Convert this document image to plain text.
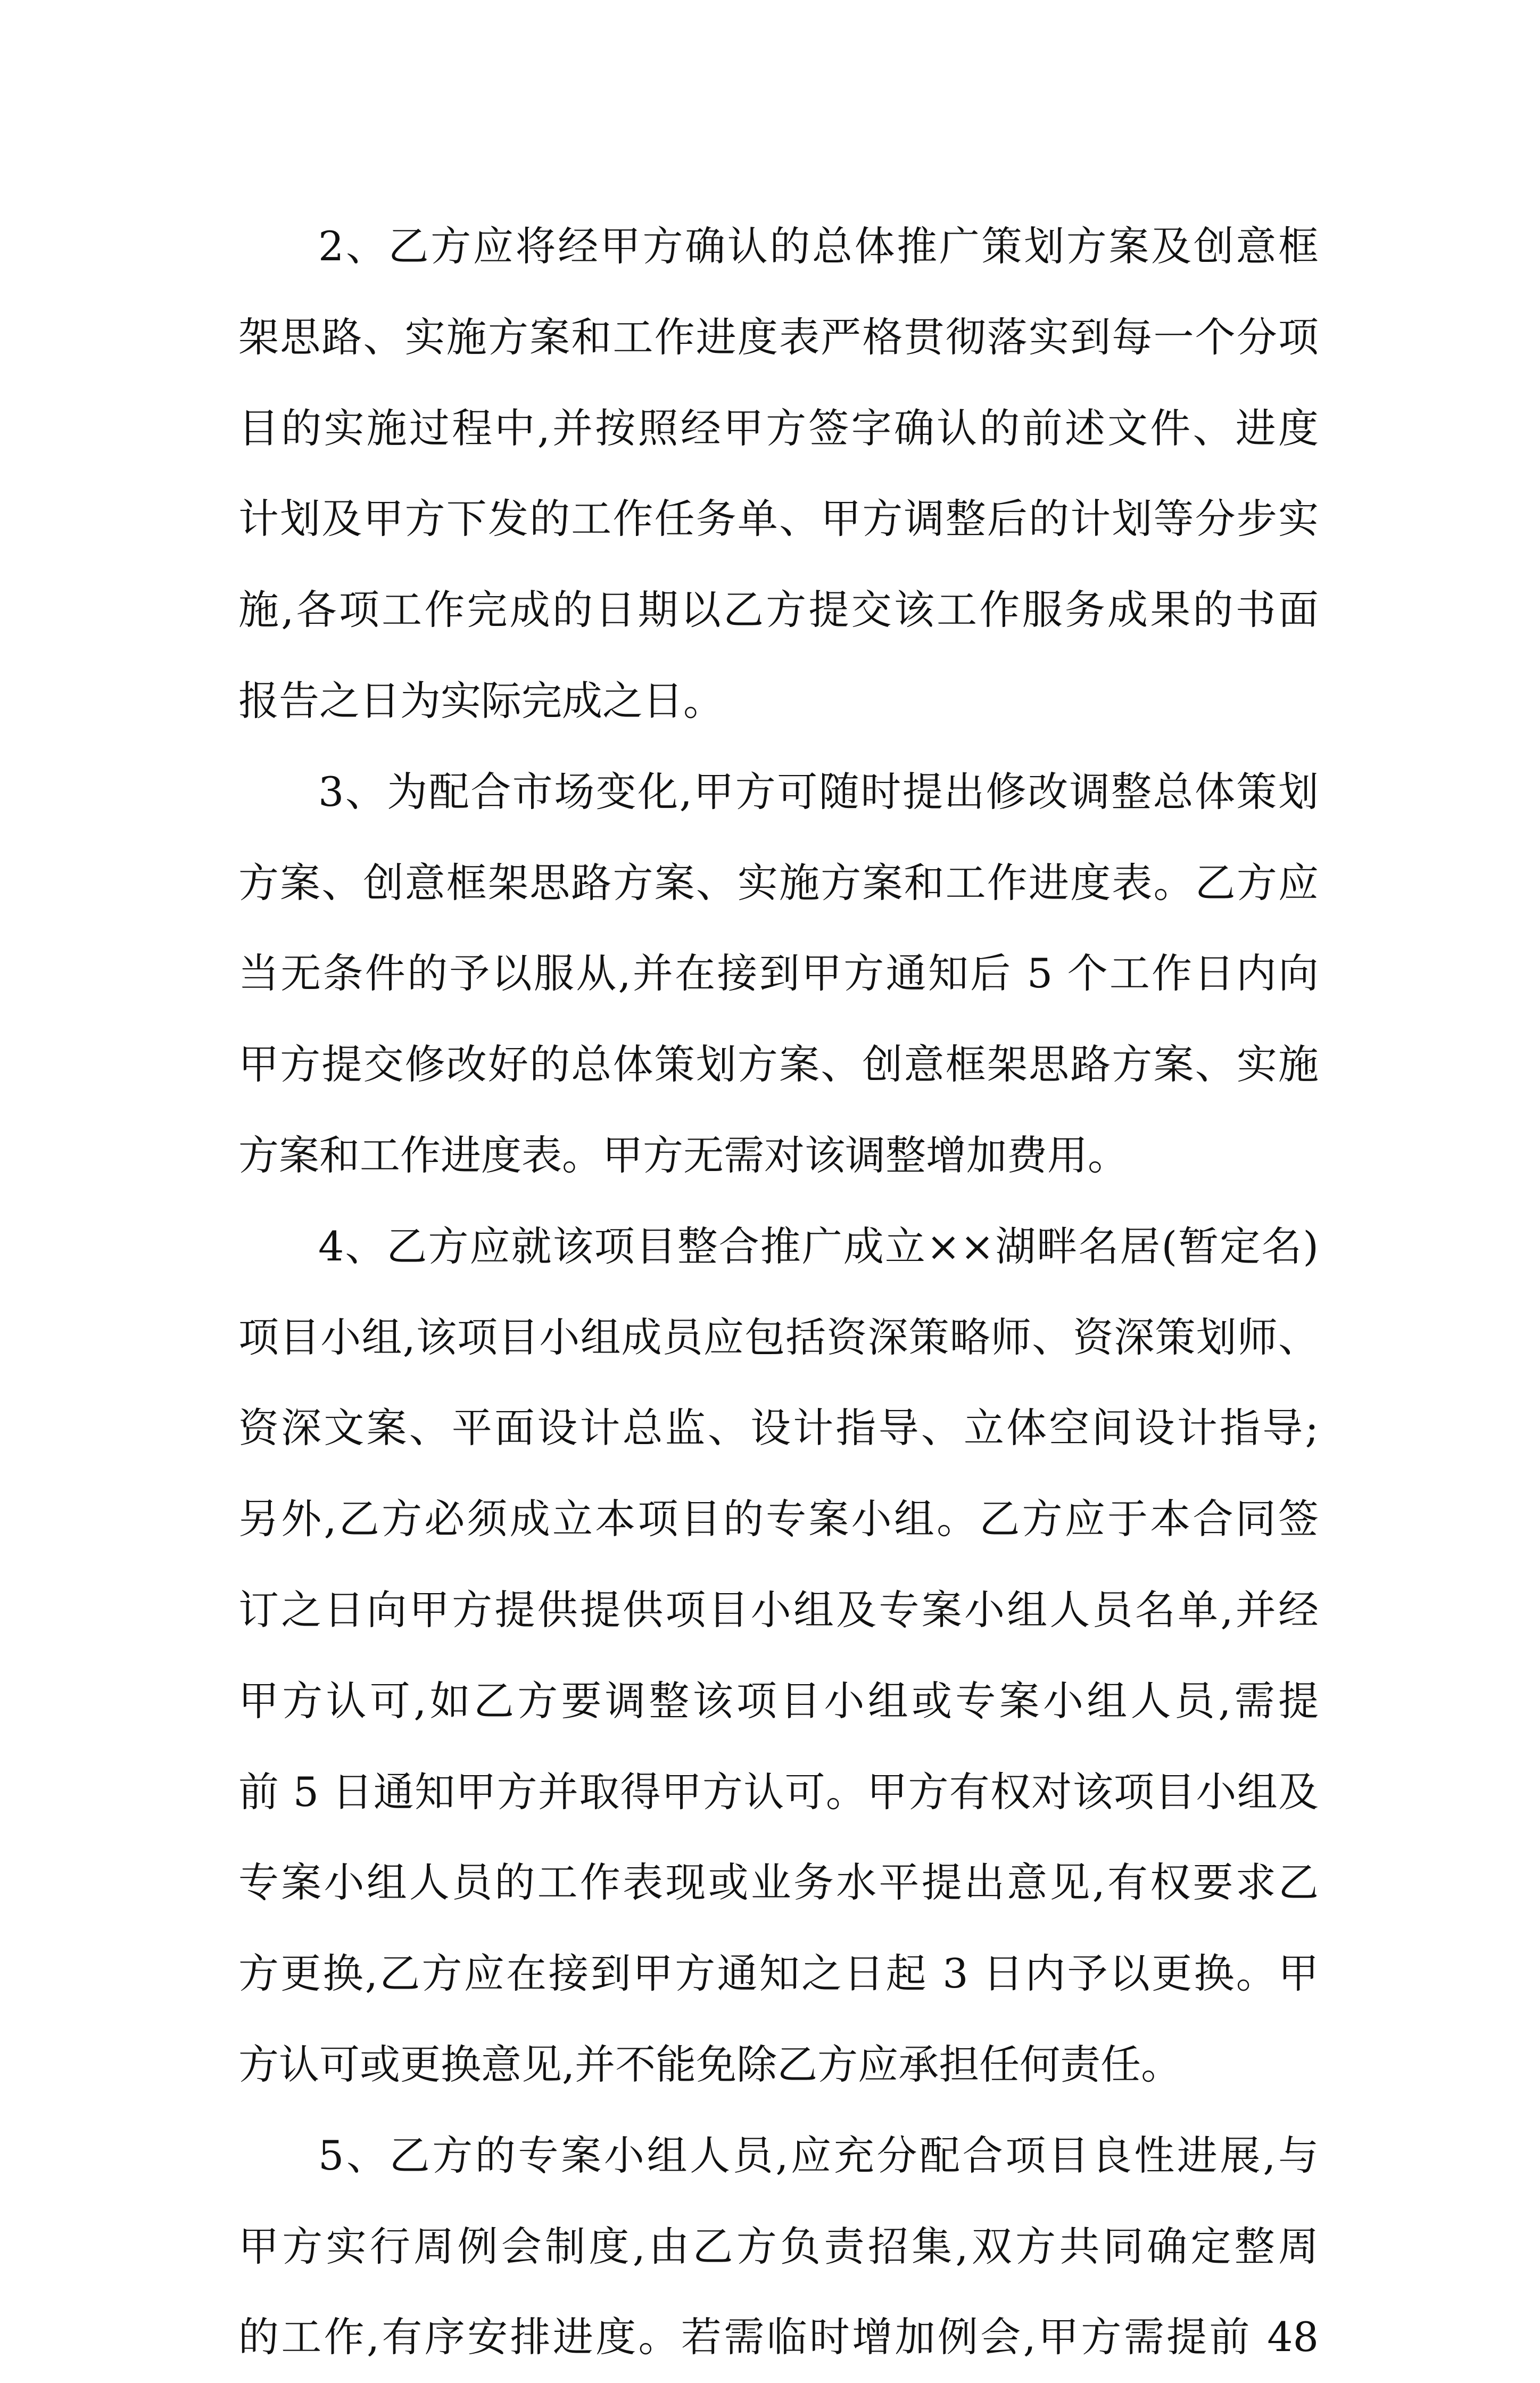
2、乙方应将经甲方确认的总体推广策划方案及创意框
架思路、实施方案和工作进度表严格贯彻落实到每一个分项
目的实施过程中,并按照经甲方签字确认的前述文件、进度
计划及甲方下发的工作任务单、甲方调整后的计划等分步实
施,各项工作完成的日期以乙方提交该工作服务成果的书面
报告之日为实际完成之日。
3、为配合市场变化,甲方可随时提出修改调整总体策划
方案、创意框架思路方案、实施方案和工作进度表。乙方应
当无条件的予以服从,并在接到甲方通知后 5 个工作日内向
甲方提交修改好的总体策划方案、创意框架思路方案、实施
方案和工作进度表。甲方无需对该调整增加费用。
4、乙方应就该项目整合推广成立××湖畔名居(暂定名)
项目小组,该项目小组成员应包括资深策略师、资深策划师、
资深文案、平面设计总监、设计指导、立体空间设计指导;
另外,乙方必须成立本项目的专案小组。乙方应于本合同签
订之日向甲方提供提供项目小组及专案小组人员名单,并经
甲方认可,如乙方要调整该项目小组或专案小组人员,需提
前 5 日通知甲方并取得甲方认可。甲方有权对该项目小组及
专案小组人员的工作表现或业务水平提出意见,有权要求乙
方更换,乙方应在接到甲方通知之日起 3 日内予以更换。甲
方认可或更换意见,并不能免除乙方应承担任何责任。
5、乙方的专案小组人员,应充分配合项目良性进展,与
甲方实行周例会制度,由乙方负责招集,双方共同确定整周
的工作,有序安排进度。若需临时增加例会,甲方需提前 48
